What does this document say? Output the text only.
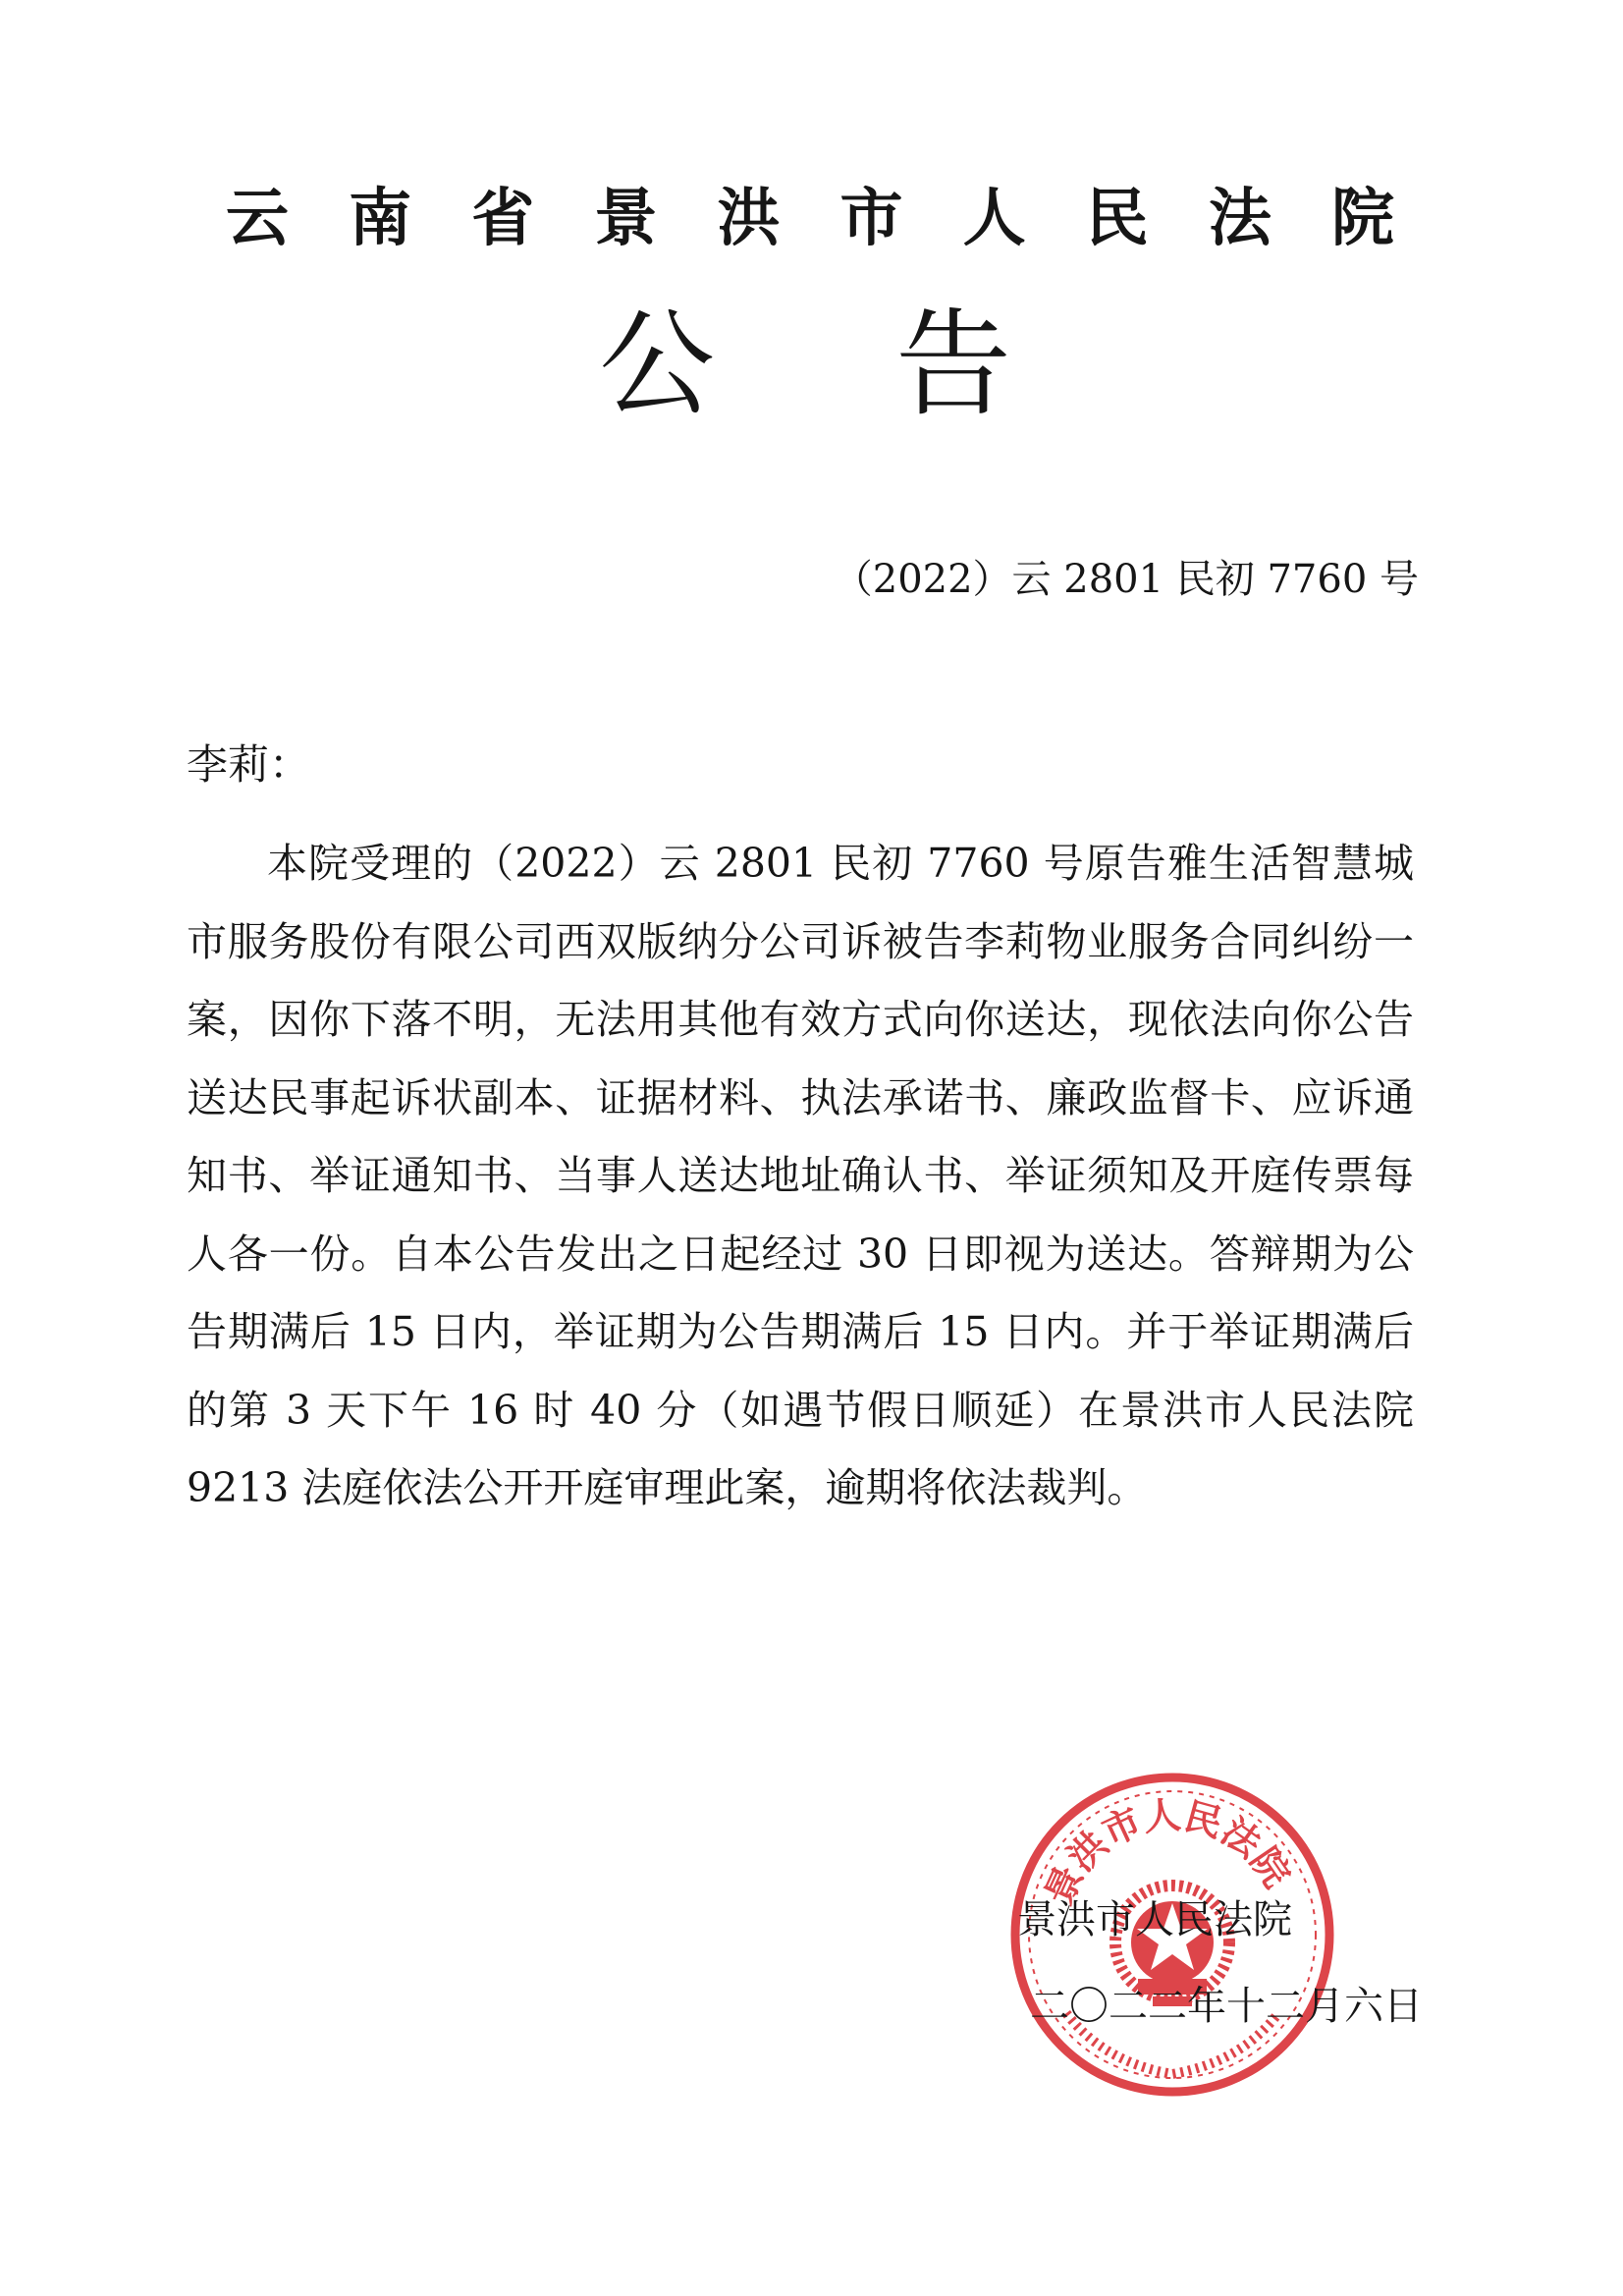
云 南 省 景 洪 市 人 民 法 院
公 告

（2022）云 2801 民初 7760 号

李莉：

本院受理的（2022）云 2801 民初 7760 号原告雅生活智慧城市服务股份有限公司西双版纳分公司诉被告李莉物业服务合同纠纷一案，因你下落不明，无法用其他有效方式向你送达，现依法向你公告送达民事起诉状副本、证据材料、执法承诺书、廉政监督卡、应诉通知书、举证通知书、当事人送达地址确认书、举证须知及开庭传票每人各一份。自本公告发出之日起经过 30 日即视为送达。答辩期为公告期满后 15 日内，举证期为公告期满后 15 日内。并于举证期满后的第 3 天下午 16 时 40 分（如遇节假日顺延）在景洪市人民法院 9213 法庭依法公开开庭审理此案，逾期将依法裁判。

景洪市人民法院

景洪市人民法院

二〇二二年十二月六日
